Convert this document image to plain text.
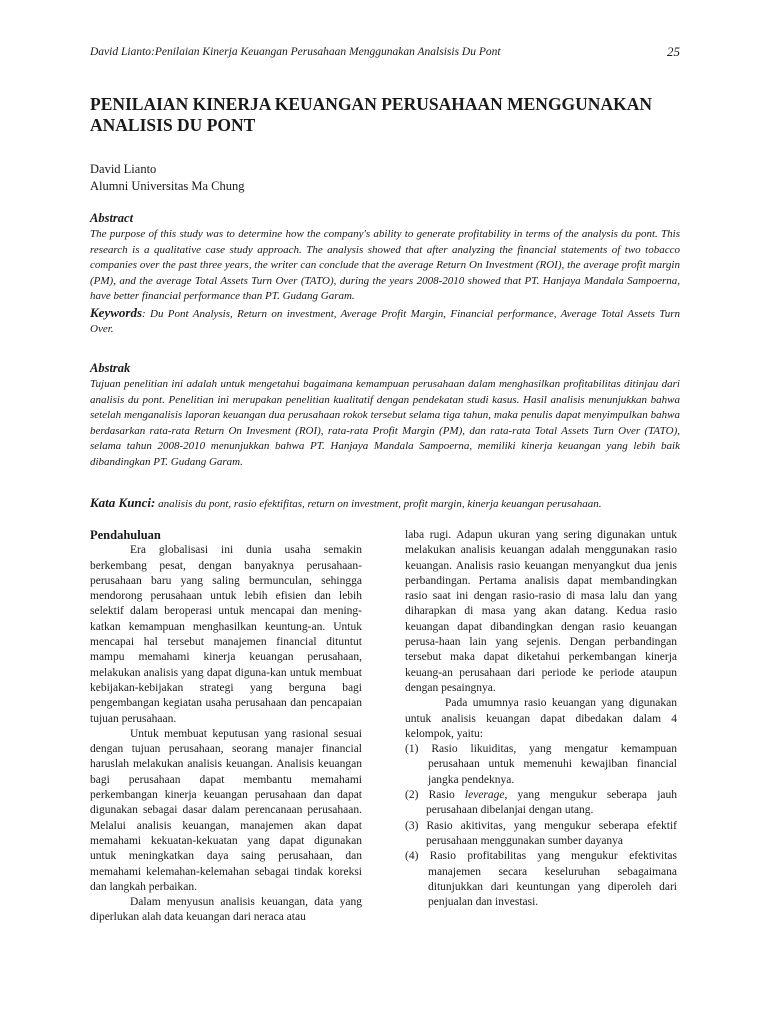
David Lianto:Penilaian Kinerja Keuangan Perusahaan Menggunakan Analsisis Du Pont	25
PENILAIAN KINERJA KEUANGAN PERUSAHAAN MENGGUNAKAN ANALISIS DU PONT
David Lianto
Alumni Universitas Ma Chung
Abstract

The purpose of this study was to determine how the company's ability to generate profitability in terms of the analysis du pont. This research is a qualitative case study approach. The analysis showed that after analyzing the financial statements of two tobacco companies over the past three years, the writer can conclude that the average Return On Investment (ROI), the average profit margin (PM), and the average Total Assets Turn Over (TATO), during the years 2008-2010 showed that PT. Hanjaya Mandala Sampoerna, have better financial performance than PT. Gudang Garam.

Keywords: Du Pont Analysis, Return on investment, Average Profit Margin, Financial performance, Average Total Assets Turn Over.

Abstrak

Tujuan penelitian ini adalah untuk mengetahui bagaimana kemampuan perusahaan dalam menghasilkan profitabilitas ditinjau dari analisis du pont. Penelitian ini merupakan penelitian kualitatif dengan pendekatan studi kasus. Hasil analisis menunjukkan bahwa setelah menganalisis laporan keuangan dua perusahaan rokok tersebut selama tiga tahun, maka penulis dapat menyimpulkan bahwa berdasarkan rata-rata Return On Invesment (ROI), rata-rata Profit Margin (PM), dan rata-rata Total Assets Turn Over (TATO), selama tahun 2008-2010 menunjukkan bahwa PT. Hanjaya Mandala Sampoerna, memiliki kinerja keuangan yang lebih baik dibandingkan PT. Gudang Garam.

Kata Kunci: analisis du pont, rasio efektifitas, return on investment, profit margin, kinerja keuangan perusahaan.

Pendahuluan

Era globalisasi ini dunia usaha semakin berkembang pesat, dengan banyaknya perusahaan-perusahaan baru yang saling bermunculan, sehingga mendorong perusahaan untuk lebih efisien dan lebih selektif dalam beroperasi untuk mencapai dan mening-katkan kemampuan menghasilkan keuntung-an. Untuk mencapai hal tersebut manajemen financial dituntut mampu memahami kinerja keuangan perusahaan, melakukan analisis yang dapat diguna-kan untuk membuat kebijakan-kebijakan strategi yang berguna bagi pengembangan kegiatan usaha perusahaan dan pencapaian tujuan perusahaan.

Untuk membuat keputusan yang rasional sesuai dengan tujuan perusahaan, seorang manajer financial haruslah melakukan analisis keuangan. Analisis keuangan bagi perusahaan dapat membantu memahami perkembangan kinerja keuangan perusahaan dan dapat digunakan sebagai dasar dalam perencanaan perusahaan. Melalui analisis keuangan, manajemen akan dapat memahami kekuatan-kekuatan yang dapat digunakan untuk meningkatkan daya saing perusahaan, dan memahami kelemahan-kelemahan sebagai tindak koreksi dan langkah perbaikan.

Dalam menyusun analisis keuangan, data yang diperlukan alah data keuangan dari neraca atau

laba rugi. Adapun ukuran yang sering digunakan untuk melakukan analisis keuangan adalah menggunakan rasio keuangan. Analisis rasio keuangan menyangkut dua jenis perbandingan. Pertama analisis dapat membandingkan rasio saat ini dengan rasio-rasio di masa lalu dan yang diharapkan di masa yang akan datang. Kedua rasio keuangan dapat dibandingkan dengan rasio keuangan perusa-haan lain yang sejenis. Dengan perbandingan tersebut maka dapat diketahui perkembangan kinerja keuang-an perusahaan dari periode ke periode ataupun dengan pesaingnya.

Pada umumnya rasio keuangan yang digunakan untuk analisis keuangan dapat dibedakan dalam 4 kelompok, yaitu:

(1) Rasio likuiditas, yang mengatur kemampuan perusahaan untuk memenuhi kewajiban financial jangka pendeknya.

(2) Rasio leverage, yang mengukur seberapa jauh perusahaan dibelanjai dengan utang.

(3) Rasio akitivitas, yang mengukur seberapa efektif perusahaan menggunakan sumber dayanya

(4) Rasio profitabilitas yang mengukur efektivitas manajemen secara keseluruhan sebagaimana ditunjukkan dari keuntungan yang diperoleh dari penjualan dan investasi.
